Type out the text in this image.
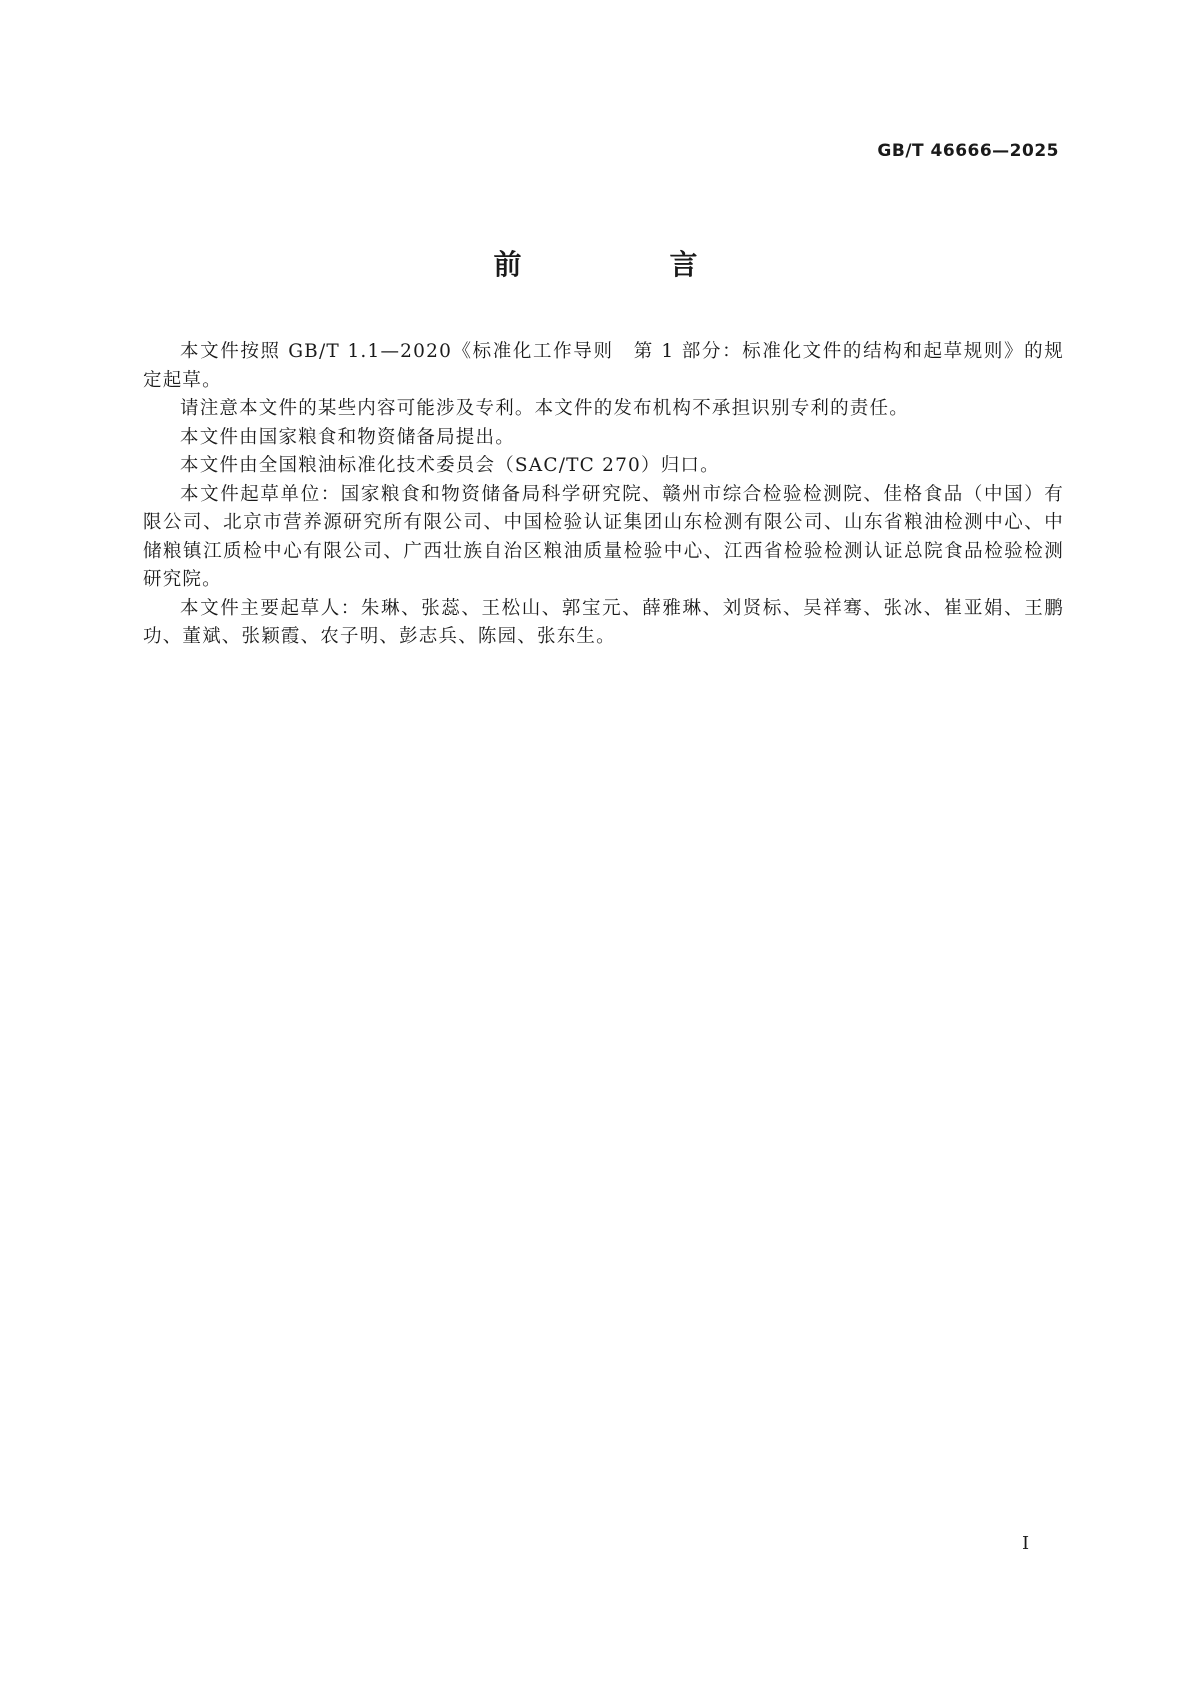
GB/T 46666—2025
前　言

本文件按照 GB/T 1.1—2020《标准化工作导则　第 1 部分：标准化文件的结构和起草规则》的规定起草。

请注意本文件的某些内容可能涉及专利。本文件的发布机构不承担识别专利的责任。

本文件由国家粮食和物资储备局提出。

本文件由全国粮油标准化技术委员会（SAC/TC 270）归口。

本文件起草单位：国家粮食和物资储备局科学研究院、赣州市综合检验检测院、佳格食品（中国）有限公司、北京市营养源研究所有限公司、中国检验认证集团山东检测有限公司、山东省粮油检测中心、中储粮镇江质检中心有限公司、广西壮族自治区粮油质量检验中心、江西省检验检测认证总院食品检验检测研究院。

本文件主要起草人：朱琳、张蕊、王松山、郭宝元、薛雅琳、刘贤标、吴祥骞、张冰、崔亚娟、王鹏功、董斌、张颖霞、农子明、彭志兵、陈园、张东生。

I
